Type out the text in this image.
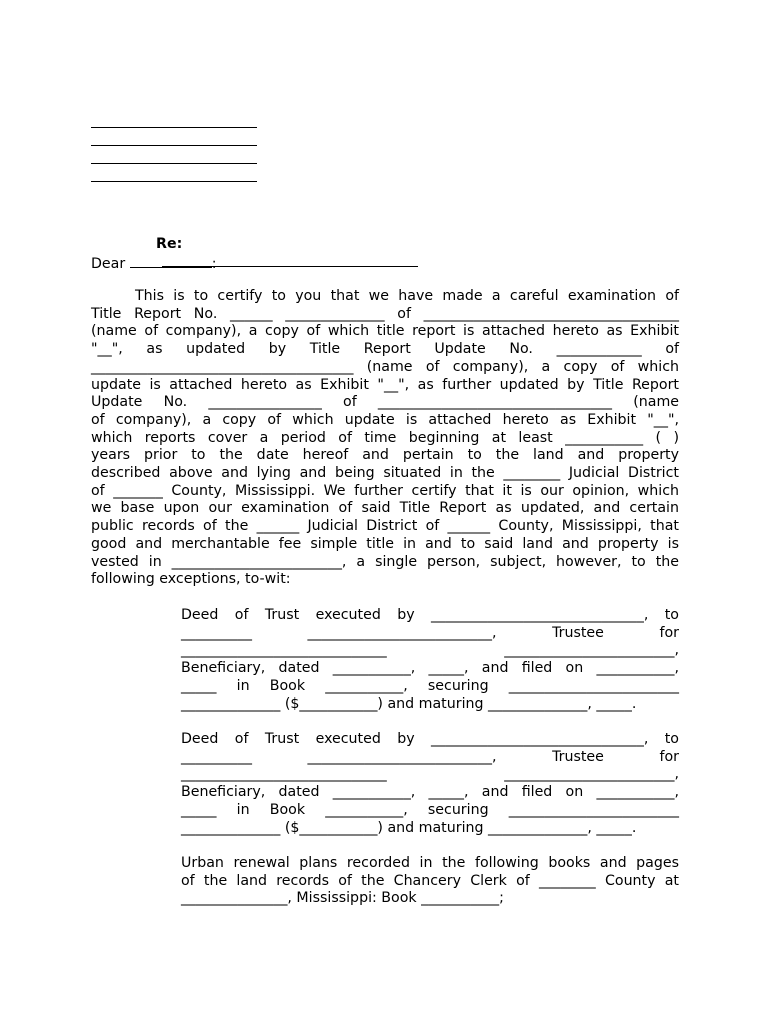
Re:

Dear	:
This is to certify to you that we have made a careful examination of
Title Report No. ______ ______________ of ____________________________________
(name of company), a copy of which title report is attached hereto as Exhibit
"__", as updated by Title Report Update No. ____________ of
_____________________________________ (name of company), a copy of which
update is attached hereto as Exhibit "__", as further updated by Title Report
Update No. ________________ of _________________________________ (name
of company), a copy of which update is attached hereto as Exhibit "__",
which reports cover a period of time beginning at least ___________ ( )
years prior to the date hereof and pertain to the land and property
described above and lying and being situated in the ________ Judicial District
of _______ County, Mississippi. We further certify that it is our opinion, which
we base upon our examination of said Title Report as updated, and certain
public records of the ______ Judicial District of ______ County, Mississippi, that
good and merchantable fee simple title in and to said land and property is
vested in ________________________, a single person, subject, however, to the
following exceptions, to-wit:
Deed of Trust executed by ______________________________, to
__________ __________________________, Trustee for
_____________________________ ________________________,
Beneficiary, dated ___________, _____, and filed on ___________,
_____ in Book ___________, securing ________________________
______________ ($___________) and maturing ______________, _____.
Deed of Trust executed by ______________________________, to
__________ __________________________, Trustee for
_____________________________ ________________________,
Beneficiary, dated ___________, _____, and filed on ___________,
_____ in Book ___________, securing ________________________
______________ ($___________) and maturing ______________, _____.
Urban renewal plans recorded in the following books and pages
of the land records of the Chancery Clerk of ________ County at
_______________, Mississippi: Book ___________;
